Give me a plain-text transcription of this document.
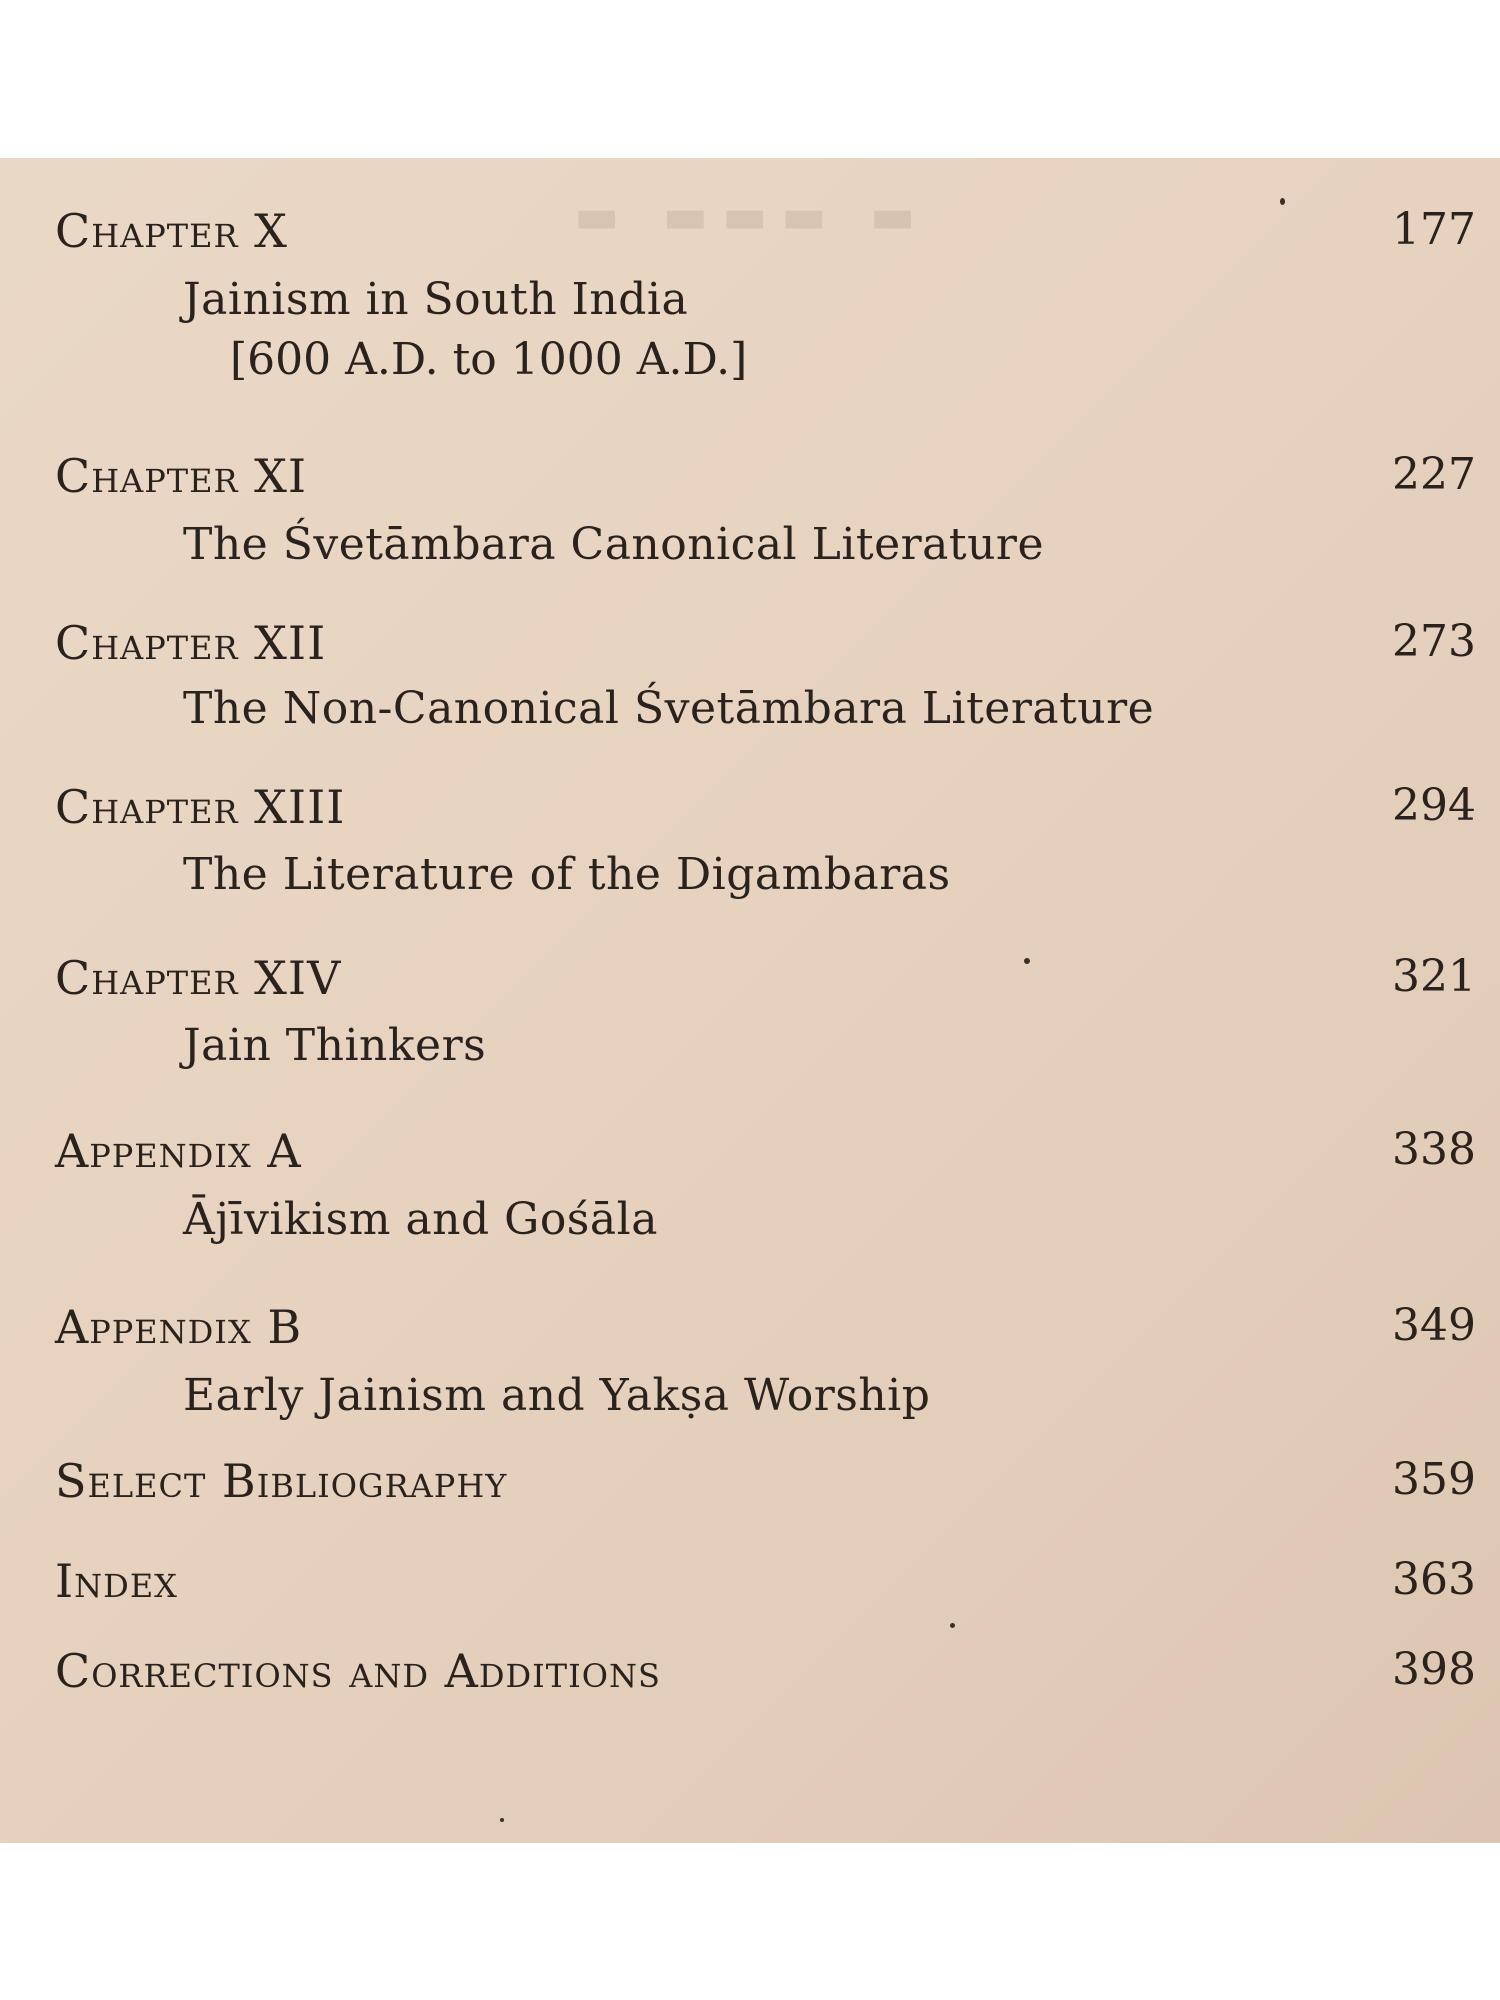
▬ ▬▬▬ ▬
Chapter X	177
Jainism in South India
[600 A.D. to 1000 A.D.]
Chapter XI	227
The Śvetāmbara Canonical Literature
Chapter XII	273
The Non-Canonical Śvetāmbara Literature
Chapter XIII	294
The Literature of the Digambaras
Chapter XIV	321
Jain Thinkers
Appendix A	338
Ājīvikism and Gośāla
Appendix B	349
Early Jainism and Yakṣa Worship
Select Bibliography	359
Index	363
Corrections and Additions	398
